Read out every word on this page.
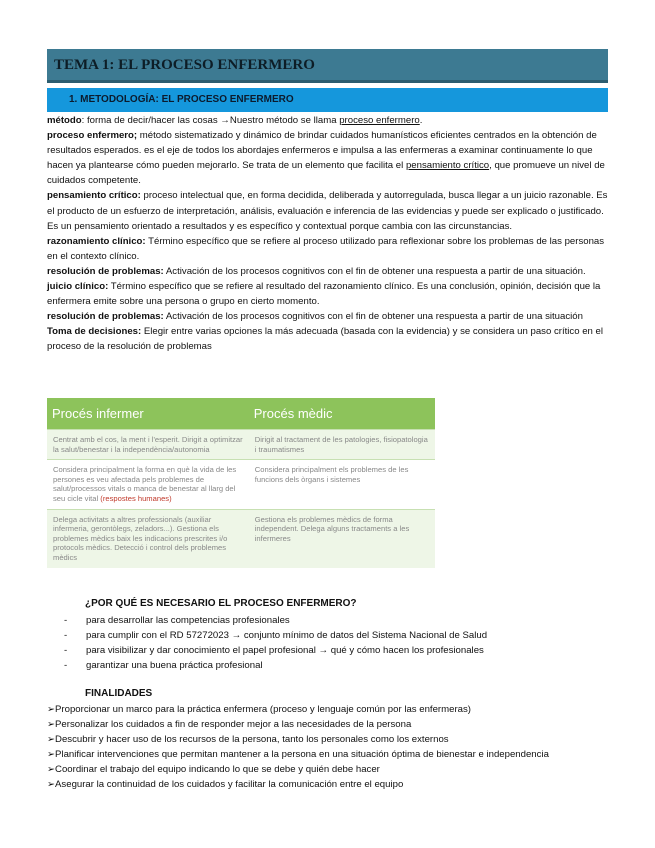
TEMA 1: EL PROCESO ENFERMERO
1. METODOLOGÍA: EL PROCESO ENFERMERO

método: forma de decir/hacer las cosas →Nuestro método se llama proceso enfermero.

proceso enfermero; método sistematizado y dinámico de brindar cuidados humanísticos eficientes centrados en la obtención de resultados esperados. es el eje de todos los abordajes enfermeros e impulsa a las enfermeras a examinar continuamente lo que hacen ya plantearse cómo pueden mejorarlo. Se trata de un elemento que facilita el pensamiento crítico, que promueve un nivel de cuidados competente.

pensamiento crítico: proceso intelectual que, en forma decidida, deliberada y autorregulada, busca llegar a un juicio razonable. Es el producto de un esfuerzo de interpretación, análisis, evaluación e inferencia de las evidencias y puede ser explicado o justificado. Es un pensamiento orientado a resultados y es específico y contextual porque cambia con las circunstancias.

razonamiento clínico: Término específico que se refiere al proceso utilizado para reflexionar sobre los problemas de las personas en el contexto clínico.

resolución de problemas: Activación de los procesos cognitivos con el fin de obtener una respuesta a partir de una situación.

juicio clínico: Término específico que se refiere al resultado del razonamiento clínico. Es una conclusión, opinión, decisión que la enfermera emite sobre una persona o grupo en cierto momento.

resolución de problemas: Activación de los procesos cognitivos con el fin de obtener una respuesta a partir de una situación

Toma de decisiones: Elegir entre varias opciones la más adecuada (basada con la evidencia) y se considera un paso crítico en el proceso de la resolución de problemas

Procés infermer	Procés mèdic
Centrat amb el cos, la ment i l'esperit. Dirigit a optimitzar la salut/benestar i la independència/autonomia	Dirigit al tractament de les patologies, fisiopatologia i traumatismes
Considera principalment la forma en què la vida de les persones es veu afectada pels problemes de salut/processos vitals o manca de benestar al llarg del seu cicle vital (respostes humanes)	Considera principalment els problemes de les funcions dels òrgans i sistemes
Delega activitats a altres professionals (auxiliar infermeria, gerontòlegs, zeladors...). Gestiona els problemes mèdics baix les indicacions prescrites i/o protocols mèdics. Detecció i control dels problemes mèdics	Gestiona els problemes mèdics de forma independent. Delega alguns tractaments a les infermeres
¿POR QUÉ ES NECESARIO EL PROCESO ENFERMERO?
- para desarrollar las competencias profesionales
- para cumplir con el RD 57272023 → conjunto mínimo de datos del Sistema Nacional de Salud
- para visibilizar y dar conocimiento el papel profesional → qué y cómo hacen los profesionales
- garantizar una buena práctica profesional
FINALIDADES
➢Proporcionar un marco para la práctica enfermera (proceso y lenguaje común por las enfermeras)
➢Personalizar los cuidados a fin de responder mejor a las necesidades de la persona
➢Descubrir y hacer uso de los recursos de la persona, tanto los personales como los externos
➢Planificar intervenciones que permitan mantener a la persona en una situación óptima de bienestar e independencia
➢Coordinar el trabajo del equipo indicando lo que se debe y quién debe hacer
➢Asegurar la continuidad de los cuidados y facilitar la comunicación entre el equipo
